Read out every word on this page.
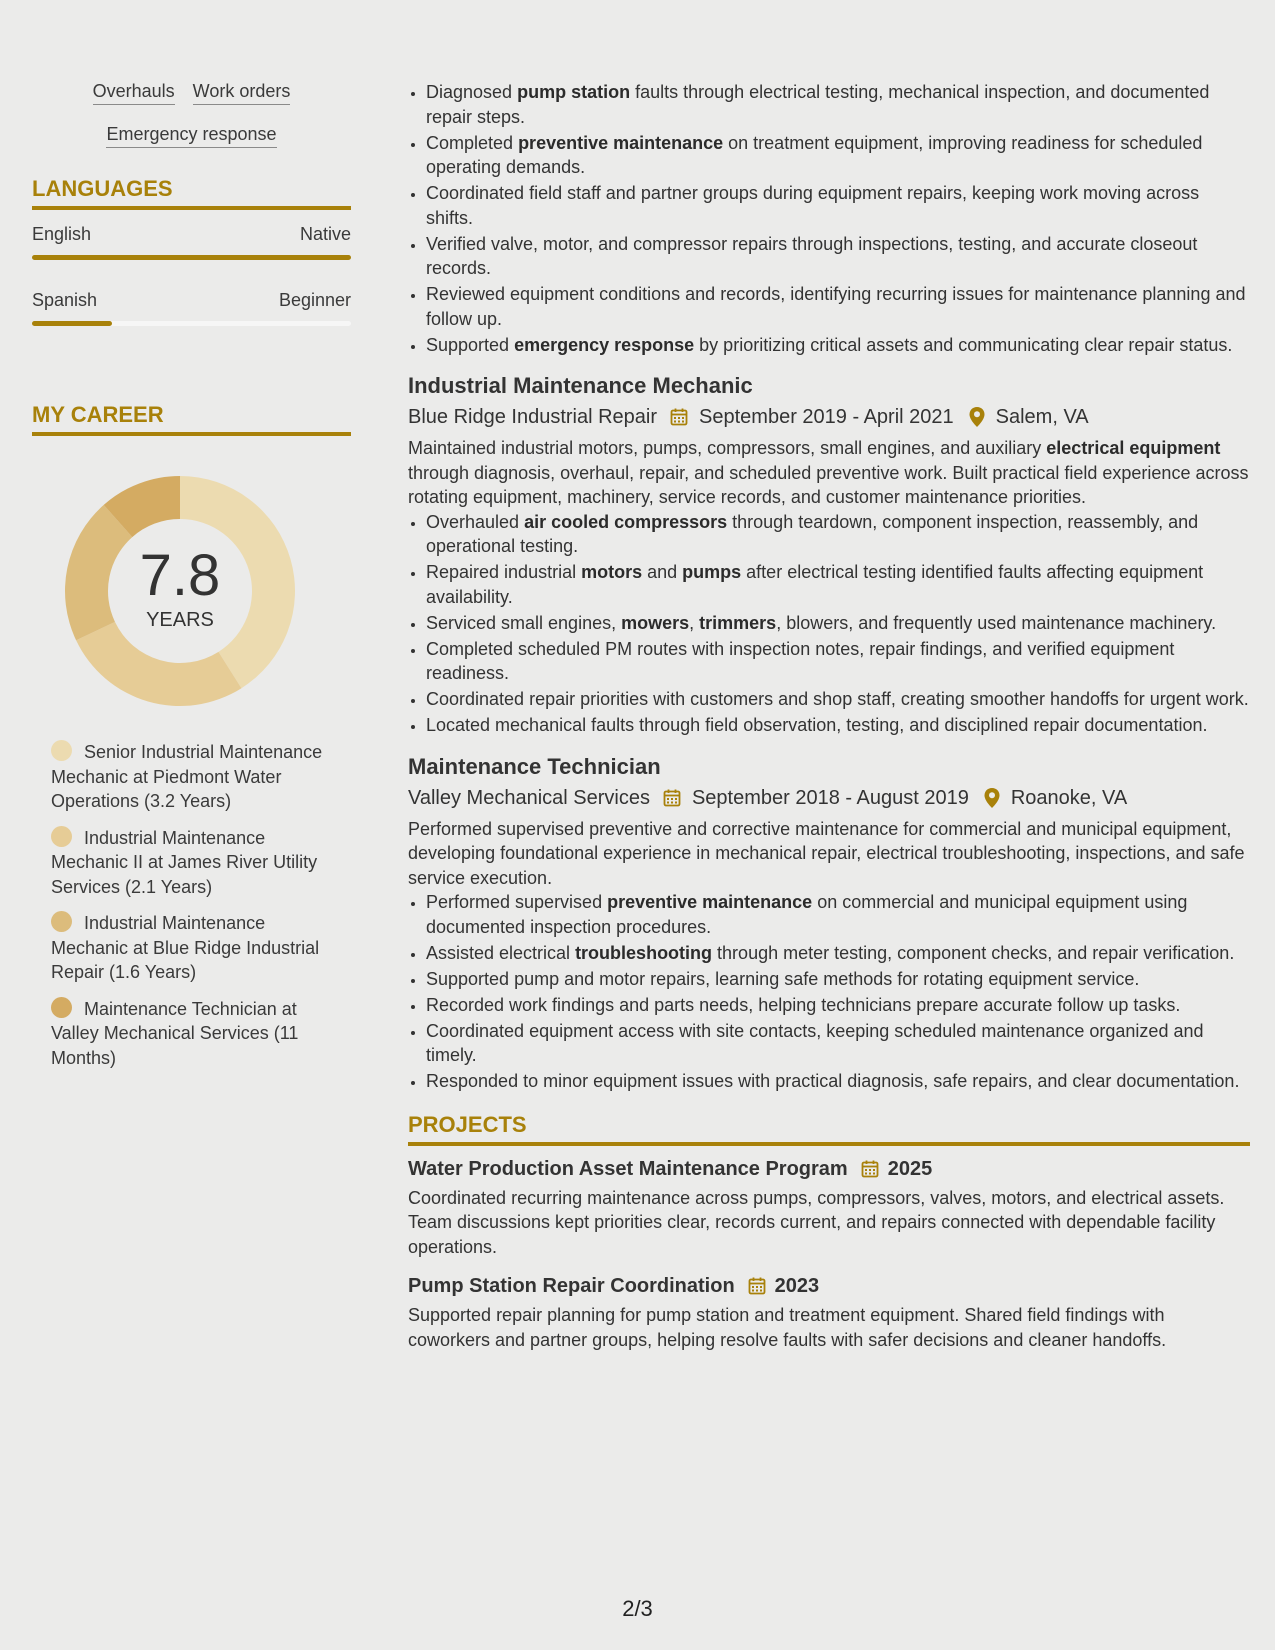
Overhauls Work orders
Emergency response
LANGUAGES
English	Native
Spanish	Beginner
MY CAREER
7.8
YEARS
Senior Industrial Maintenance Mechanic at Piedmont Water Operations (3.2 Years)
Industrial Maintenance Mechanic II at James River Utility Services (2.1 Years)
Industrial Maintenance Mechanic at Blue Ridge Industrial Repair (1.6 Years)
Maintenance Technician at Valley Mechanical Services (11 Months)
• Diagnosed pump station faults through electrical testing, mechanical inspection, and documented repair steps.
• Completed preventive maintenance on treatment equipment, improving readiness for scheduled operating demands.
• Coordinated field staff and partner groups during equipment repairs, keeping work moving across shifts.
• Verified valve, motor, and compressor repairs through inspections, testing, and accurate closeout records.
• Reviewed equipment conditions and records, identifying recurring issues for maintenance planning and follow up.
• Supported emergency response by prioritizing critical assets and communicating clear repair status.
Industrial Maintenance Mechanic
Blue Ridge Industrial Repair September 2019 - April 2021 Salem, VA
Maintained industrial motors, pumps, compressors, small engines, and auxiliary electrical equipment through diagnosis, overhaul, repair, and scheduled preventive work. Built practical field experience across rotating equipment, machinery, service records, and customer maintenance priorities.
• Overhauled air cooled compressors through teardown, component inspection, reassembly, and operational testing.
• Repaired industrial motors and pumps after electrical testing identified faults affecting equipment availability.
• Serviced small engines, mowers, trimmers, blowers, and frequently used maintenance machinery.
• Completed scheduled PM routes with inspection notes, repair findings, and verified equipment readiness.
• Coordinated repair priorities with customers and shop staff, creating smoother handoffs for urgent work.
• Located mechanical faults through field observation, testing, and disciplined repair documentation.
Maintenance Technician
Valley Mechanical Services September 2018 - August 2019 Roanoke, VA
Performed supervised preventive and corrective maintenance for commercial and municipal equipment, developing foundational experience in mechanical repair, electrical troubleshooting, inspections, and safe service execution.
• Performed supervised preventive maintenance on commercial and municipal equipment using documented inspection procedures.
• Assisted electrical troubleshooting through meter testing, component checks, and repair verification.
• Supported pump and motor repairs, learning safe methods for rotating equipment service.
• Recorded work findings and parts needs, helping technicians prepare accurate follow up tasks.
• Coordinated equipment access with site contacts, keeping scheduled maintenance organized and timely.
• Responded to minor equipment issues with practical diagnosis, safe repairs, and clear documentation.
PROJECTS
Water Production Asset Maintenance Program 2025
Coordinated recurring maintenance across pumps, compressors, valves, motors, and electrical assets. Team discussions kept priorities clear, records current, and repairs connected with dependable facility operations.
Pump Station Repair Coordination 2023
Supported repair planning for pump station and treatment equipment. Shared field findings with coworkers and partner groups, helping resolve faults with safer decisions and cleaner handoffs.
2/3
